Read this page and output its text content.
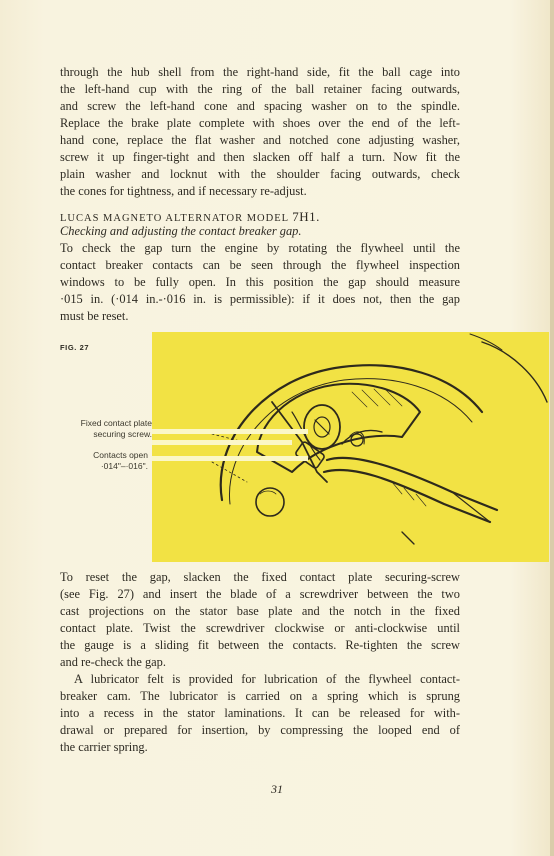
through the hub shell from the right-hand side, fit the ball cage into
the left-hand cup with the ring of the ball retainer facing outwards,
and screw the left-hand cone and spacing washer on to the spindle.
Replace the brake plate complete with shoes over the end of the left-
hand cone, replace the flat washer and notched cone adjusting washer,
screw it up finger-tight and then slacken off half a turn. Now fit the
plain washer and locknut with the shoulder facing outwards, check
the cones for tightness, and if necessary re-adjust.
LUCAS MAGNETO ALTERNATOR MODEL 7H1.
Checking and adjusting the contact breaker gap.
To check the gap turn the engine by rotating the flywheel until the
contact breaker contacts can be seen through the flywheel inspection
windows to be fully open. In this position the gap should measure
·015 in. (·014 in.-·016 in. is permissible): if it does not, then the gap
must be reset.
FIG. 27
Fixed contact plate
securing screw.
Contacts open
·014"–·016".
To reset the gap, slacken the fixed contact plate securing-screw
(see Fig. 27) and insert the blade of a screwdriver between the two
cast projections on the stator base plate and the notch in the fixed
contact plate. Twist the screwdriver clockwise or anti-clockwise until
the gauge is a sliding fit between the contacts. Re-tighten the screw
and re-check the gap.
A lubricator felt is provided for lubrication of the flywheel contact-
breaker cam. The lubricator is carried on a spring which is sprung
into a recess in the stator laminations. It can be released for with-
drawal or prepared for insertion, by compressing the looped end of
the carrier spring.
31
